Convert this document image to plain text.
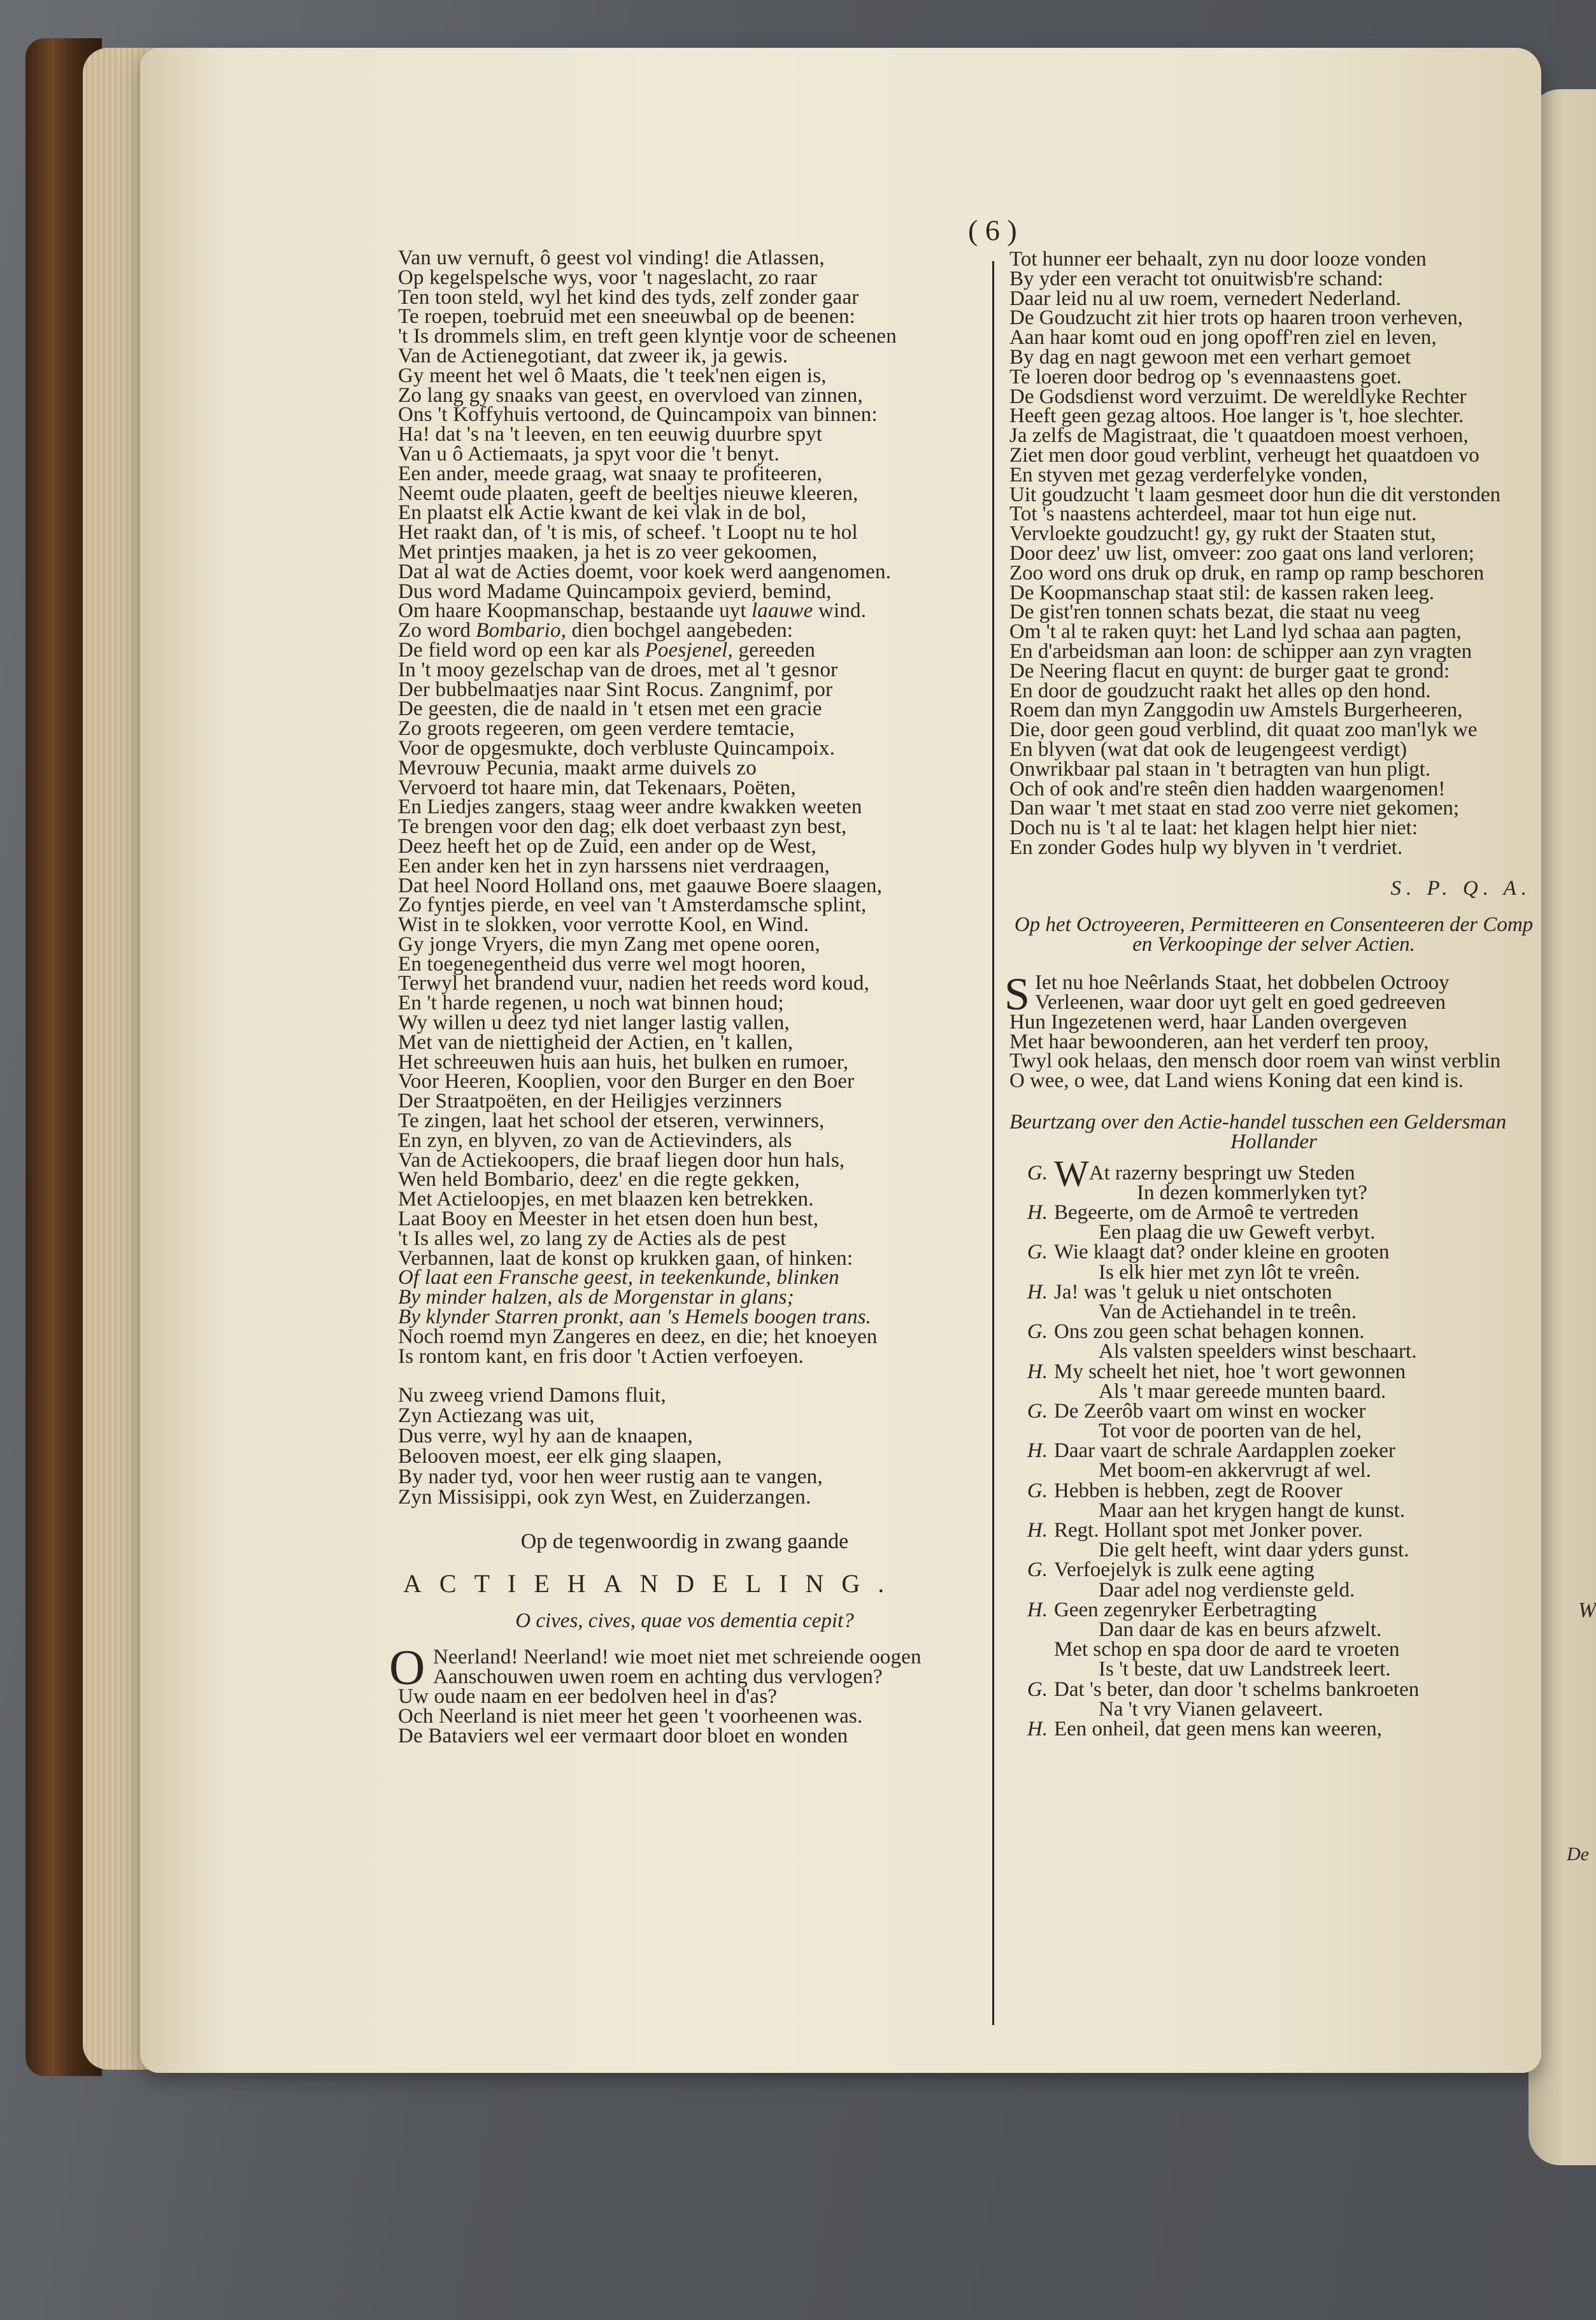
W
De
( 6 )
Van uw vernuft, ô geest vol vinding! die Atlassen,
Op kegelspelsche wys, voor 't nageslacht, zo raar
Ten toon steld, wyl het kind des tyds, zelf zonder gaar
Te roepen, toebruid met een sneeuwbal op de beenen:
't Is drommels slim, en treft geen klyntje voor de scheenen
Van de Actienegotiant, dat zweer ik, ja gewis.
Gy meent het wel ô Maats, die 't teek'nen eigen is,
Zo lang gy snaaks van geest, en overvloed van zinnen,
Ons 't Koffyhuis vertoond, de Quincampoix van binnen:
Ha! dat 's na 't leeven, en ten eeuwig duurbre spyt
Van u ô Actiemaats, ja spyt voor die 't benyt.
Een ander, meede graag, wat snaay te profiteeren,
Neemt oude plaaten, geeft de beeltjes nieuwe kleeren,
En plaatst elk Actie kwant de kei vlak in de bol,
Het raakt dan, of 't is mis, of scheef. 't Loopt nu te hol
Met printjes maaken, ja het is zo veer gekoomen,
Dat al wat de Acties doemt, voor koek werd aangenomen.
Dus word Madame Quincampoix gevierd, bemind,
Om haare Koopmanschap, bestaande uyt laauwe wind.
Zo word Bombario, dien bochgel aangebeden:
De field word op een kar als Poesjenel, gereeden
In 't mooy gezelschap van de droes, met al 't gesnor
Der bubbelmaatjes naar Sint Rocus. Zangnimf, por
De geesten, die de naald in 't etsen met een gracie
Zo groots regeeren, om geen verdere temtacie,
Voor de opgesmukte, doch verbluste Quincampoix.
Mevrouw Pecunia, maakt arme duivels zo
Vervoerd tot haare min, dat Tekenaars, Poëten,
En Liedjes zangers, staag weer andre kwakken weeten
Te brengen voor den dag; elk doet verbaast zyn best,
Deez heeft het op de Zuid, een ander op de West,
Een ander ken het in zyn harssens niet verdraagen,
Dat heel Noord Holland ons, met gaauwe Boere slaagen,
Zo fyntjes pierde, en veel van 't Amsterdamsche splint,
Wist in te slokken, voor verrotte Kool, en Wind.
Gy jonge Vryers, die myn Zang met opene ooren,
En toegenegentheid dus verre wel mogt hooren,
Terwyl het brandend vuur, nadien het reeds word koud,
En 't harde regenen, u noch wat binnen houd;
Wy willen u deez tyd niet langer lastig vallen,
Met van de niettigheid der Actien, en 't kallen,
Het schreeuwen huis aan huis, het bulken en rumoer,
Voor Heeren, Kooplien, voor den Burger en den Boer
Der Straatpoëten, en der Heiligjes verzinners
Te zingen, laat het school der etseren, verwinners,
En zyn, en blyven, zo van de Actievinders, als
Van de Actiekoopers, die braaf liegen door hun hals,
Wen held Bombario, deez' en die regte gekken,
Met Actieloopjes, en met blaazen ken betrekken.
Laat Booy en Meester in het etsen doen hun best,
't Is alles wel, zo lang zy de Acties als de pest
Verbannen, laat de konst op krukken gaan, of hinken:
Of laat een Fransche geest, in teekenkunde, blinken
By minder halzen, als de Morgenstar in glans;
By klynder Starren pronkt, aan 's Hemels boogen trans.
Noch roemd myn Zangeres en deez, en die; het knoeyen
Is rontom kant, en fris door 't Actien verfoeyen.
Nu zweeg vriend Damons fluit,
Zyn Actiezang was uit,
Dus verre, wyl hy aan de knaapen,
Belooven moest, eer elk ging slaapen,
By nader tyd, voor hen weer rustig aan te vangen,
Zyn Missisippi, ook zyn West, en Zuiderzangen.
Op de tegenwoordig in zwang gaande
ACTIEHANDELING.
O cives, cives, quae vos dementia cepit?
O Neerland! Neerland! wie moet niet met schreiende oogen
Aanschouwen uwen roem en achting dus vervlogen?
Uw oude naam en eer bedolven heel in d'as?
Och Neerland is niet meer het geen 't voorheenen was.
De Bataviers wel eer vermaart door bloet en wonden
Tot hunner eer behaalt, zyn nu door looze vonden
By yder een veracht tot onuitwisb're schand:
Daar leid nu al uw roem, vernedert Nederland.
De Goudzucht zit hier trots op haaren troon verheven,
Aan haar komt oud en jong opoff'ren ziel en leven,
By dag en nagt gewoon met een verhart gemoet
Te loeren door bedrog op 's evennaastens goet.
De Godsdienst word verzuimt. De wereldlyke Rechter
Heeft geen gezag altoos. Hoe langer is 't, hoe slechter.
Ja zelfs de Magistraat, die 't quaatdoen moest verhoen,
Ziet men door goud verblint, verheugt het quaatdoen vo
En styven met gezag verderfelyke vonden,
Uit goudzucht 't laam gesmeet door hun die dit verstonden
Tot 's naastens achterdeel, maar tot hun eige nut.
Vervloekte goudzucht! gy, gy rukt der Staaten stut,
Door deez' uw list, omveer: zoo gaat ons land verloren;
Zoo word ons druk op druk, en ramp op ramp beschoren
De Koopmanschap staat stil: de kassen raken leeg.
De gist'ren tonnen schats bezat, die staat nu veeg
Om 't al te raken quyt: het Land lyd schaa aan pagten,
En d'arbeidsman aan loon: de schipper aan zyn vragten
De Neering flacut en quynt: de burger gaat te grond:
En door de goudzucht raakt het alles op den hond.
Roem dan myn Zanggodin uw Amstels Burgerheeren,
Die, door geen goud verblind, dit quaat zoo man'lyk we
En blyven (wat dat ook de leugengeest verdigt)
Onwrikbaar pal staan in 't betragten van hun pligt.
Och of ook and're steên dien hadden waargenomen!
Dan waar 't met staat en stad zoo verre niet gekomen;
Doch nu is 't al te laat: het klagen helpt hier niet:
En zonder Godes hulp wy blyven in 't verdriet.
S. P. Q. A.
Op het Octroyeeren, Permitteeren en Consenteeren der Comp
en Verkoopinge der selver Actien.
S Iet nu hoe Neêrlands Staat, het dobbelen Octrooy
Verleenen, waar door uyt gelt en goed gedreeven
Hun Ingezetenen werd, haar Landen overgeven
Met haar bewoonderen, aan het verderf ten prooy,
Twyl ook helaas, den mensch door roem van winst verblin
O wee, o wee, dat Land wiens Koning dat een kind is.
Beurtzang over den Actie-handel tusschen een Geldersman
Hollander
G. WAt razerny bespringt uw Steden
In dezen kommerlyken tyt?
H. Begeerte, om de Armoê te vertreden
Een plaag die uw Geweft verbyt.
G. Wie klaagt dat? onder kleine en grooten
Is elk hier met zyn lôt te vreên.
H. Ja! was 't geluk u niet ontschoten
Van de Actiehandel in te treên.
G. Ons zou geen schat behagen konnen.
Als valsten speelders winst beschaart.
H. My scheelt het niet, hoe 't wort gewonnen
Als 't maar gereede munten baard.
G. De Zeerôb vaart om winst en wocker
Tot voor de poorten van de hel,
H. Daar vaart de schrale Aardapplen zoeker
Met boom-en akkervrugt af wel.
G. Hebben is hebben, zegt de Roover
Maar aan het krygen hangt de kunst.
H. Regt. Hollant spot met Jonker pover.
Die gelt heeft, wint daar yders gunst.
G. Verfoejelyk is zulk eene agting
Daar adel nog verdienste geld.
H. Geen zegenryker Eerbetragting
Dan daar de kas en beurs afzwelt.
Met schop en spa door de aard te vroeten
Is 't beste, dat uw Landstreek leert.
G. Dat 's beter, dan door 't schelms bankroeten
Na 't vry Vianen gelaveert.
H. Een onheil, dat geen mens kan weeren,
